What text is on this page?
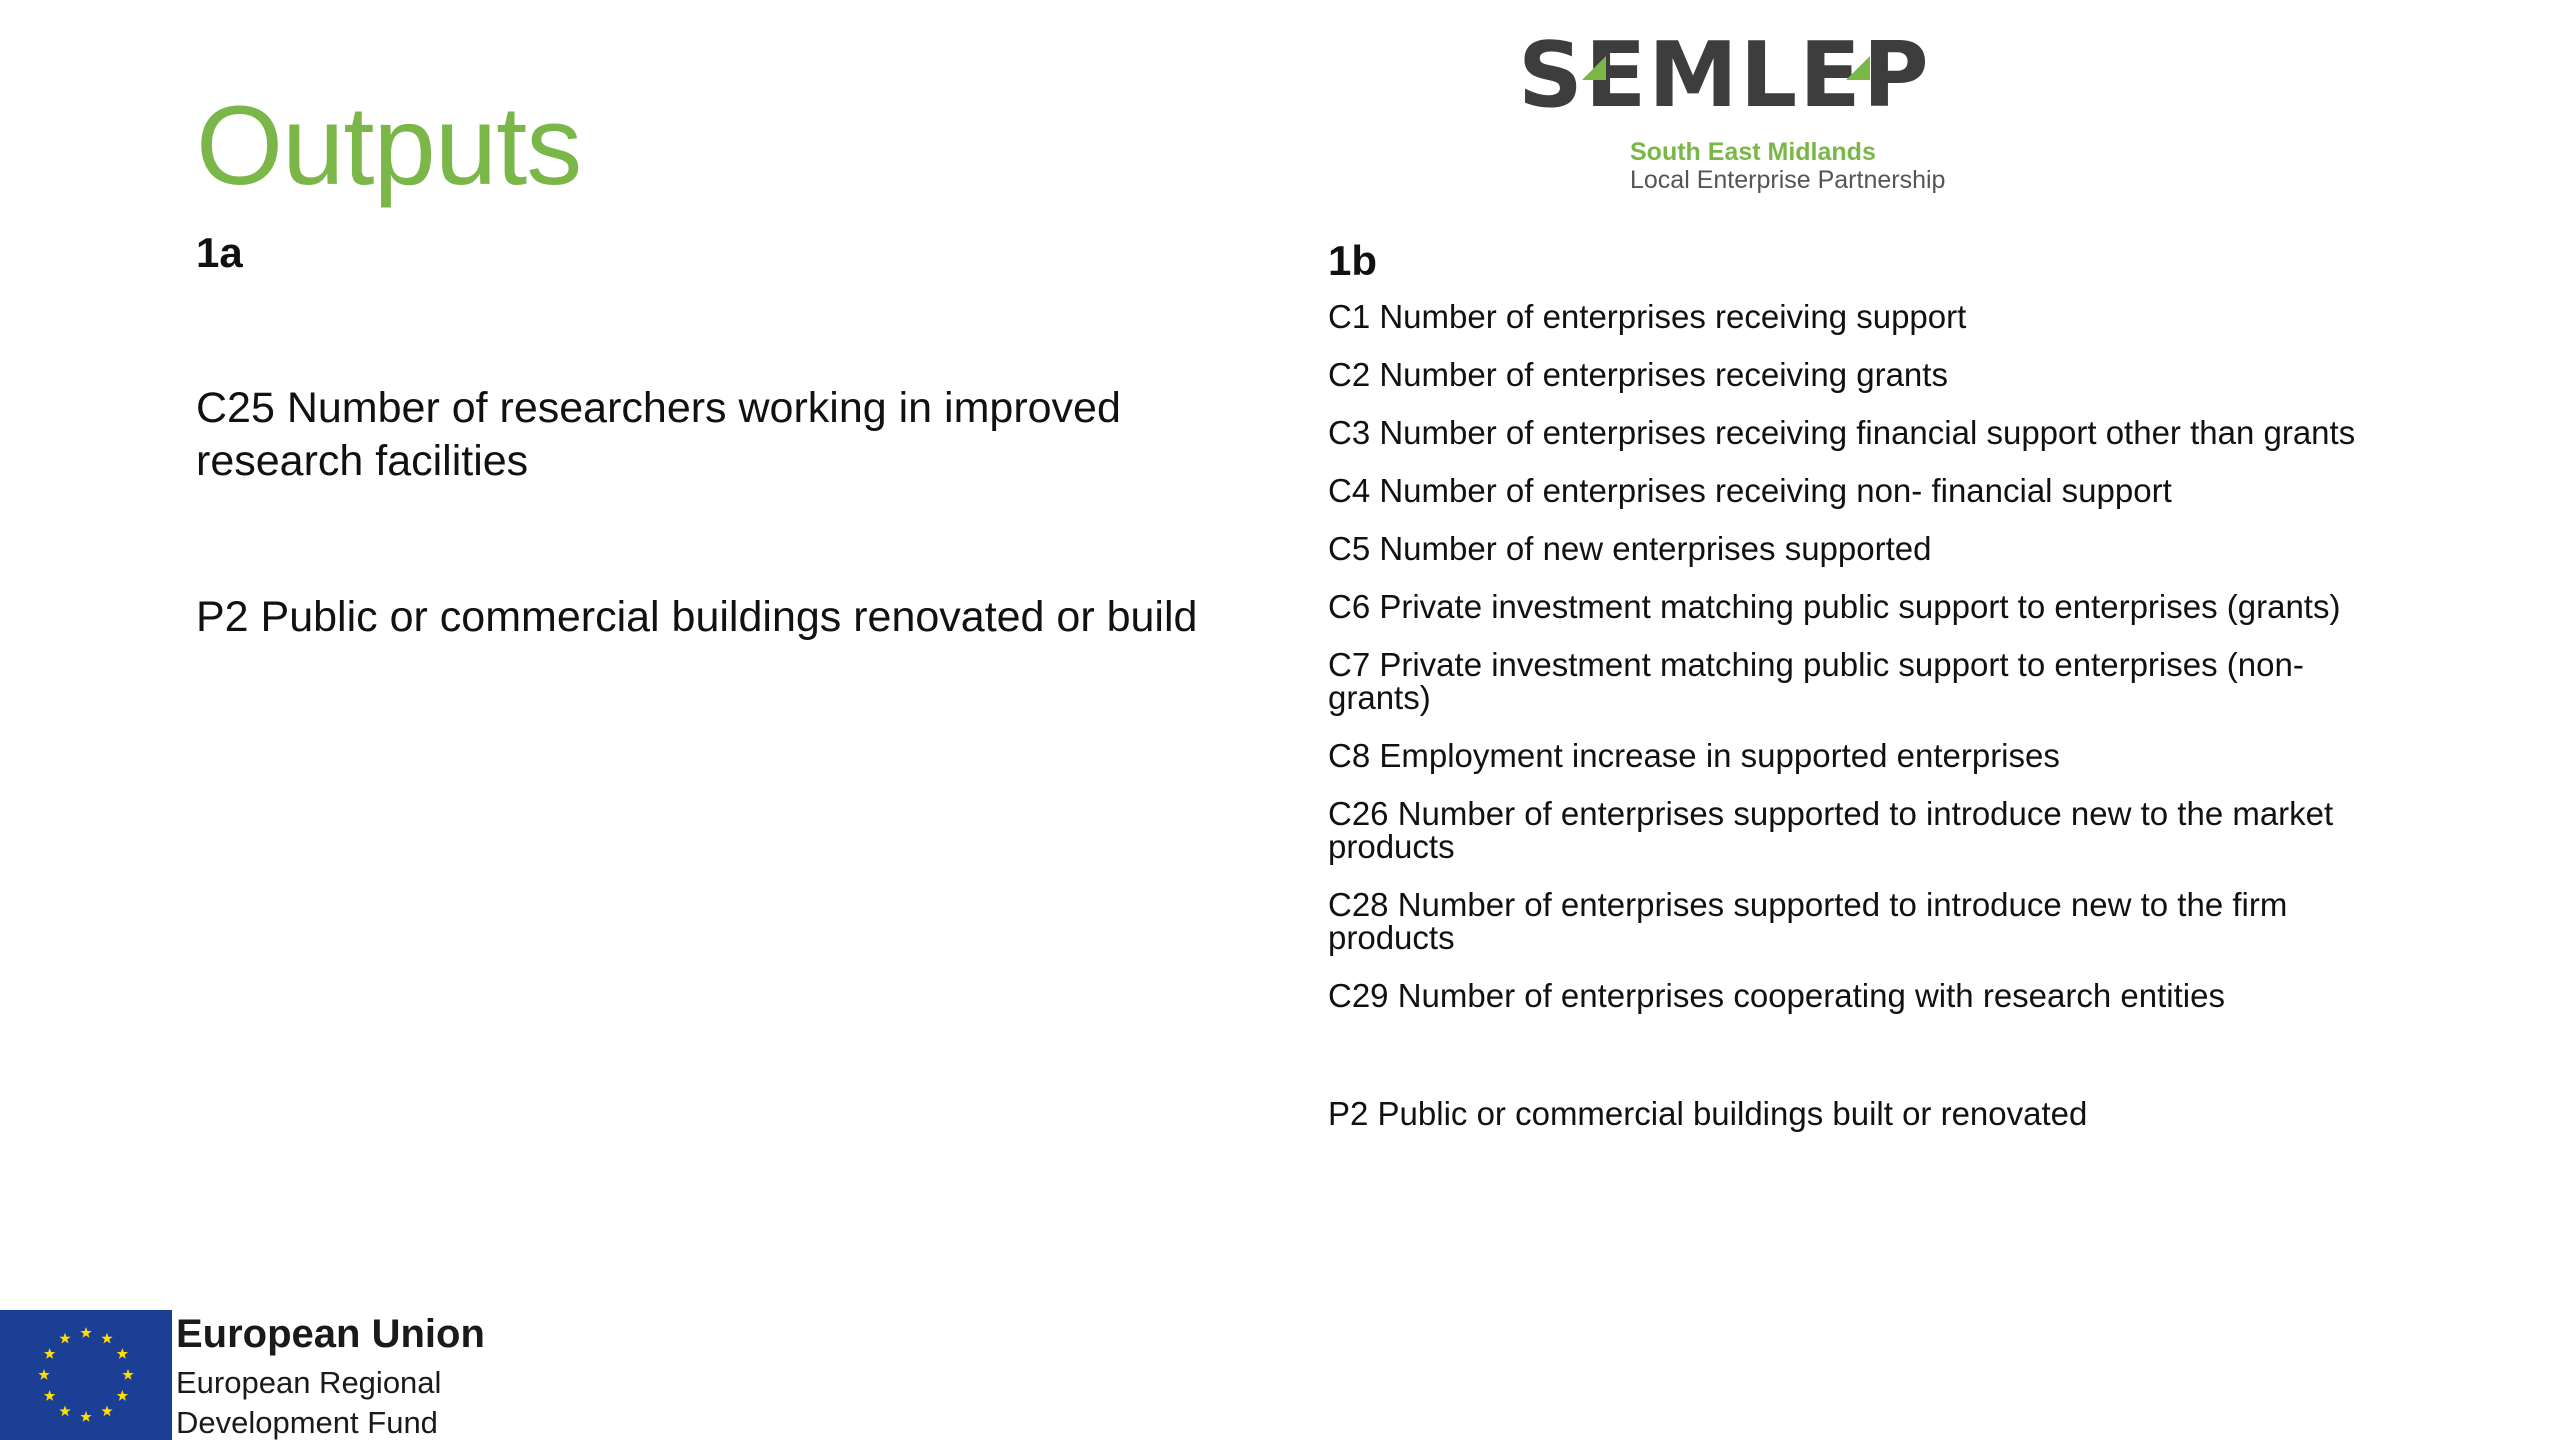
Outputs
SEMLEP
South East Midlands
Local Enterprise Partnership
1a	1b
C25 Number of researchers working in improved research facilities
P2 Public or commercial buildings renovated or build
C1 Number of enterprises receiving support
C2 Number of enterprises receiving grants
C3 Number of enterprises receiving financial support other than grants
C4 Number of enterprises receiving non- financial support
C5 Number of new enterprises supported
C6 Private investment matching public support to enterprises (grants)
C7 Private investment matching public support to enterprises (non-grants)
C8 Employment increase in supported enterprises
C26 Number of enterprises supported to introduce new to the market products
C28 Number of enterprises supported to introduce new to the firm products
C29 Number of enterprises cooperating with research entities
P2 Public or commercial buildings built or renovated
European Union
European Regional
Development Fund
